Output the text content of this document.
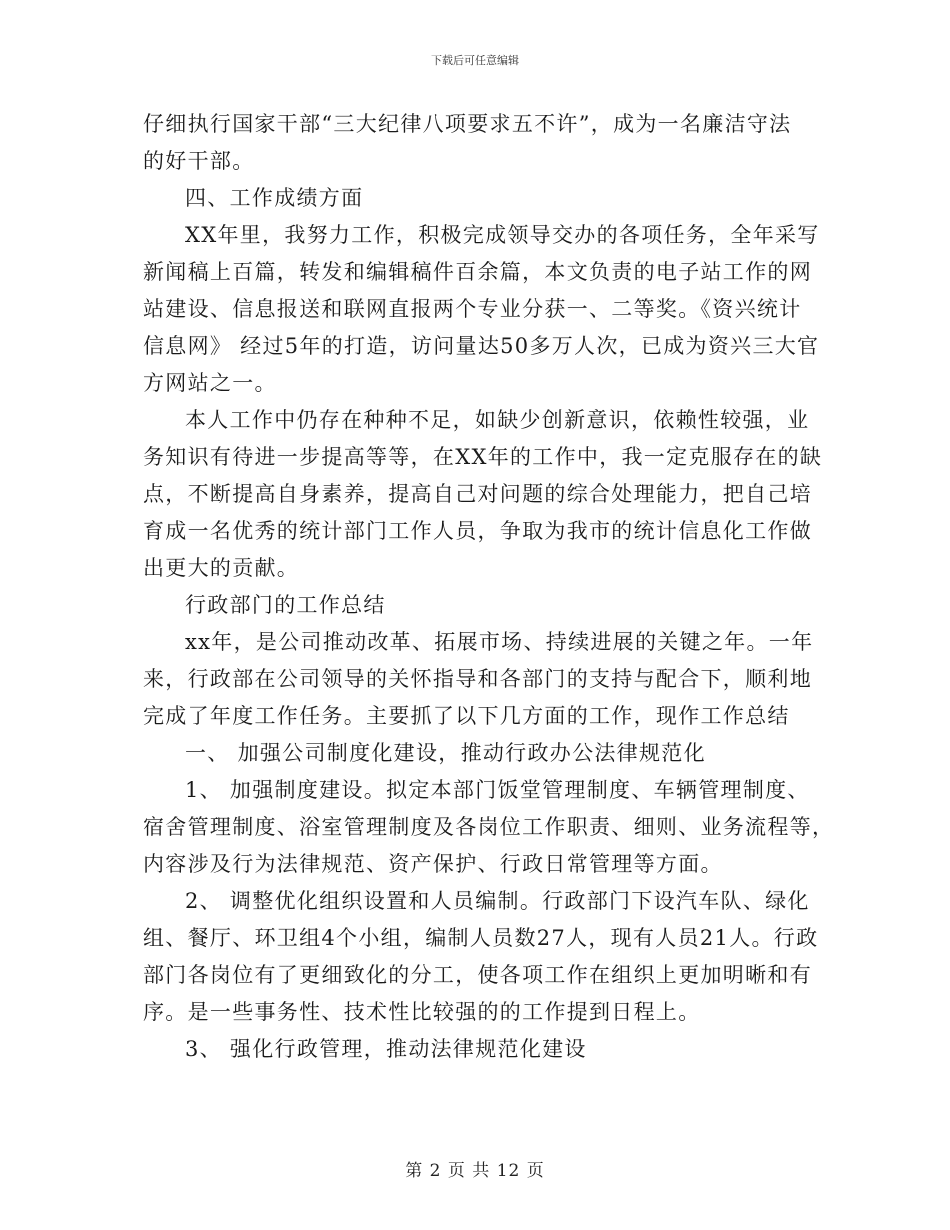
下载后可任意编辑
仔细执行国家干部“三大纪律八项要求五不许”，成为一名廉洁守法
的好干部。
四、工作成绩方面
XX年里，我努力工作，积极完成领导交办的各项任务，全年采写
新闻稿上百篇，转发和编辑稿件百余篇，本文负责的电子站工作的网
站建设、信息报送和联网直报两个专业分获一、二等奖。《资兴统计
信息网》 经过5年的打造，访问量达50多万人次，已成为资兴三大官
方网站之一。
本人工作中仍存在种种不足，如缺少创新意识，依赖性较强，业
务知识有待进一步提高等等，在XX年的工作中，我一定克服存在的缺
点，不断提高自身素养，提高自己对问题的综合处理能力，把自己培
育成一名优秀的统计部门工作人员，争取为我市的统计信息化工作做
出更大的贡献。
行政部门的工作总结
xx年，是公司推动改革、拓展市场、持续进展的关键之年。一年
来，行政部在公司领导的关怀指导和各部门的支持与配合下，顺利地
完成了年度工作任务。主要抓了以下几方面的工作，现作工作总结
一、 加强公司制度化建设，推动行政办公法律规范化
1、 加强制度建设。拟定本部门饭堂管理制度、车辆管理制度、
宿舍管理制度、浴室管理制度及各岗位工作职责、细则、业务流程等，
内容涉及行为法律规范、资产保护、行政日常管理等方面。
2、 调整优化组织设置和人员编制。行政部门下设汽车队、绿化
组、餐厅、环卫组4个小组，编制人员数27人，现有人员21人。行政
部门各岗位有了更细致化的分工，使各项工作在组织上更加明晰和有
序。是一些事务性、技术性比较强的的工作提到日程上。
3、 强化行政管理，推动法律规范化建设
第 2 页 共 12 页
